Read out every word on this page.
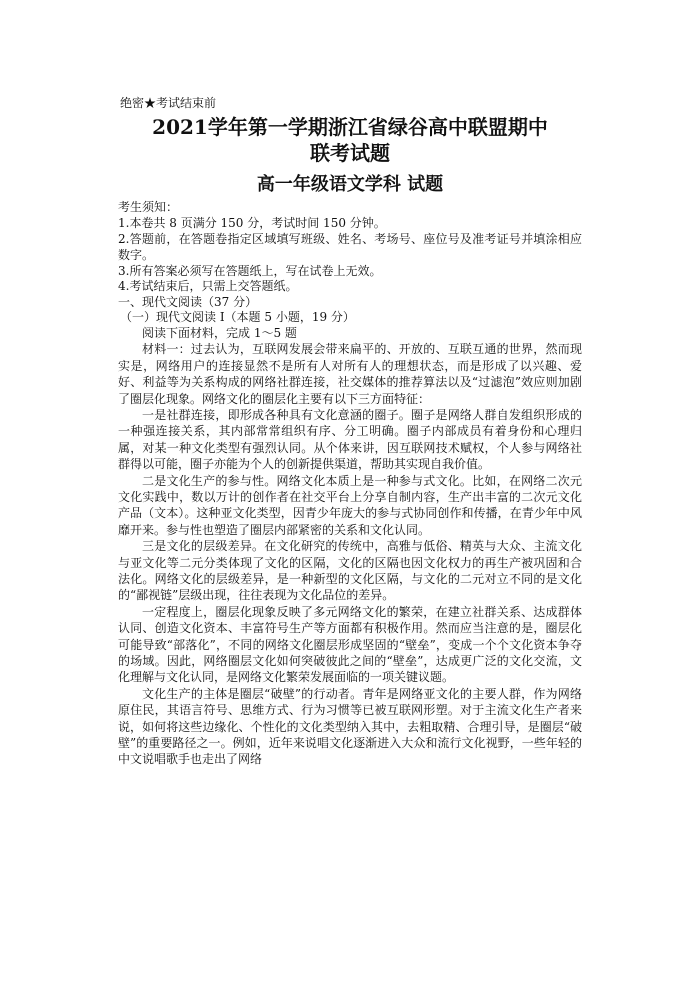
绝密★考试结束前
2021学年第一学期浙江省绿谷高中联盟期中
联考试题
高一年级语文学科 试题
考生须知：
1.本卷共 8 页满分 150 分，考试时间 150 分钟。
2.答题前，在答题卷指定区域填写班级、姓名、考场号、座位号及准考证号并填涂相应数字。
3.所有答案必须写在答题纸上，写在试卷上无效。
4.考试结束后，只需上交答题纸。
一、现代文阅读（37 分）
（一）现代文阅读 I（本题 5 小题，19 分）
阅读下面材料，完成 1～5 题
材料一：过去认为，互联网发展会带来扁平的、开放的、互联互通的世界，然而现实是，网络用户的连接显然不是所有人对所有人的理想状态，而是形成了以兴趣、爱好、利益等为关系构成的网络社群连接，社交媒体的推荐算法以及“过滤泡”效应则加剧了圈层化现象。网络文化的圈层化主要有以下三方面特征：
一是社群连接，即形成各种具有文化意涵的圈子。圈子是网络人群自发组织形成的一种强连接关系，其内部常常组织有序、分工明确。圈子内部成员有着身份和心理归属，对某一种文化类型有强烈认同。从个体来讲，因互联网技术赋权，个人参与网络社群得以可能，圈子亦能为个人的创新提供渠道，帮助其实现自我价值。
二是文化生产的参与性。网络文化本质上是一种参与式文化。比如，在网络二次元文化实践中，数以万计的创作者在社交平台上分享自制内容，生产出丰富的二次元文化产品（文本）。这种亚文化类型，因青少年庞大的参与式协同创作和传播，在青少年中风靡开来。参与性也塑造了圈层内部紧密的关系和文化认同。
三是文化的层级差异。在文化研究的传统中，高雅与低俗、精英与大众、主流文化与亚文化等二元分类体现了文化的区隔，文化的区隔也因文化权力的再生产被巩固和合法化。网络文化的层级差异，是一种新型的文化区隔，与文化的二元对立不同的是文化的“鄙视链”层级出现，往往表现为文化品位的差异。
一定程度上，圈层化现象反映了多元网络文化的繁荣，在建立社群关系、达成群体认同、创造文化资本、丰富符号生产等方面都有积极作用。然而应当注意的是，圈层化可能导致“部落化”，不同的网络文化圈层形成坚固的“壁垒”，变成一个个文化资本争夺的场域。因此，网络圈层文化如何突破彼此之间的“壁垒”，达成更广泛的文化交流，文化理解与文化认同，是网络文化繁荣发展面临的一项关键议题。
文化生产的主体是圈层“破壁”的行动者。青年是网络亚文化的主要人群，作为网络原住民，其语言符号、思维方式、行为习惯等已被互联网形塑。对于主流文化生产者来说，如何将这些边缘化、个性化的文化类型纳入其中，去粗取精、合理引导，是圈层“破壁”的重要路径之一。例如，近年来说唱文化逐渐进入大众和流行文化视野，一些年轻的中文说唱歌手也走出了网络
